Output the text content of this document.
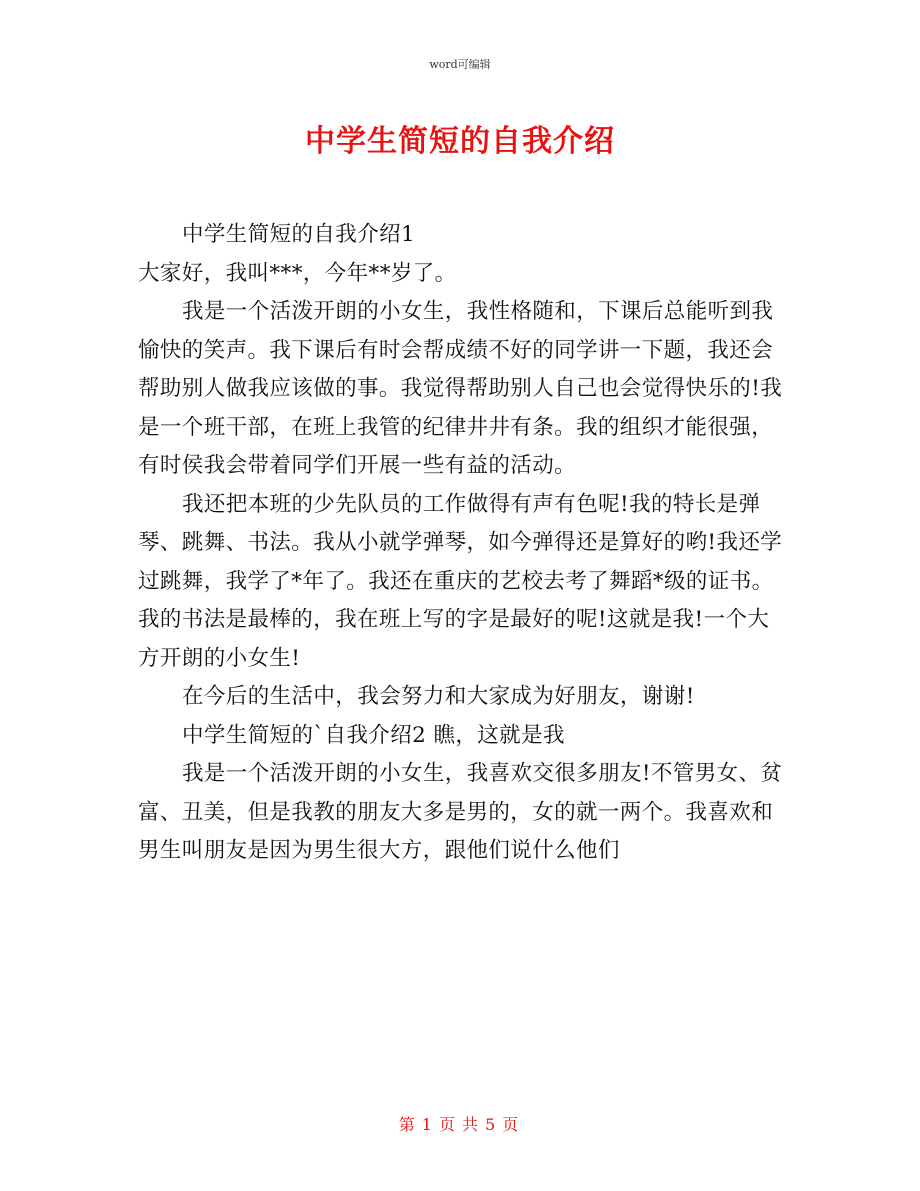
word可编辑
中学生简短的自我介绍

中学生简短的自我介绍1

大家好，我叫***，今年**岁了。

我是一个活泼开朗的小女生，我性格随和，下课后总能听到我愉快的笑声。我下课后有时会帮成绩不好的同学讲一下题，我还会帮助别人做我应该做的事。我觉得帮助别人自己也会觉得快乐的!我是一个班干部，在班上我管的纪律井井有条。我的组织才能很强，有时侯我会带着同学们开展一些有益的活动。

我还把本班的少先队员的工作做得有声有色呢!我的特长是弹琴、跳舞、书法。我从小就学弹琴，如今弹得还是算好的哟!我还学过跳舞，我学了*年了。我还在重庆的艺校去考了舞蹈*级的证书。我的书法是最棒的，我在班上写的字是最好的呢!这就是我!一个大方开朗的小女生!

在今后的生活中，我会努力和大家成为好朋友，谢谢!

中学生简短的`自我介绍2 瞧，这就是我

我是一个活泼开朗的小女生，我喜欢交很多朋友!不管男女、贫富、丑美，但是我教的朋友大多是男的，女的就一两个。我喜欢和男生叫朋友是因为男生很大方，跟他们说什么他们

第 1 页 共 5 页
